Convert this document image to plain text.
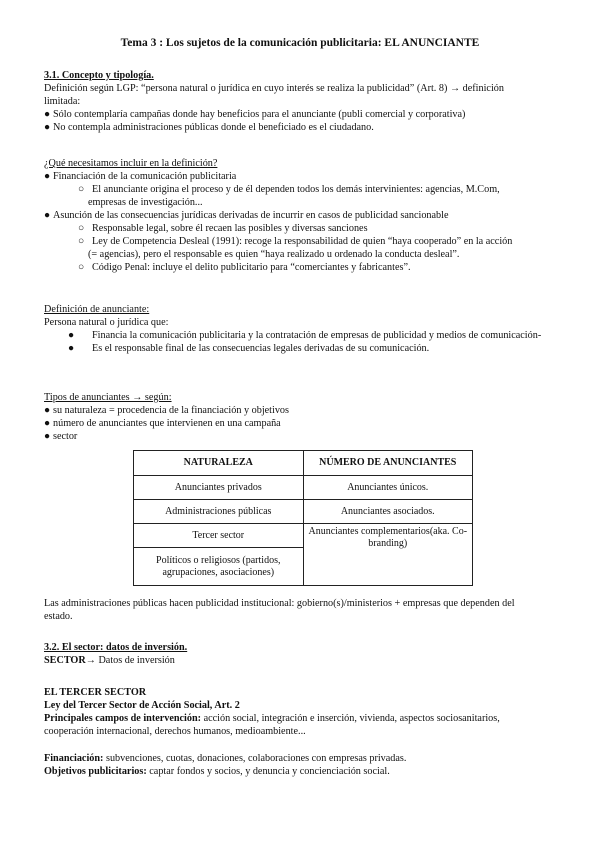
Tema 3 : Los sujetos de la comunicación publicitaria: EL ANUNCIANTE
3.1. Concepto y tipología.
Definición según LGP: “persona natural o jurídica en cuyo interés se realiza la publicidad” (Art. 8) → definición
limitada:
● Sólo contemplaría campañas donde hay beneficios para el anunciante (publi comercial y corporativa)
● No contempla administraciones públicas donde el beneficiado es el ciudadano.
¿Qué necesitamos incluir en la definición?
● Financiación de la comunicación publicitaria
○ El anunciante origina el proceso y de él dependen todos los demás intervinientes: agencias, M.Com,
empresas de investigación...
● Asunción de las consecuencias jurídicas derivadas de incurrir en casos de publicidad sancionable
○ Responsable legal, sobre él recaen las posibles y diversas sanciones
○ Ley de Competencia Desleal (1991): recoge la responsabilidad de quien “haya cooperado” en la acción
(= agencias), pero el responsable es quien “haya realizado u ordenado la conducta desleal”.
○ Código Penal: incluye el delito publicitario para “comerciantes y fabricantes”.
Definición de anunciante:
Persona natural o jurídica que:
● Financia la comunicación publicitaria y la contratación de empresas de publicidad y medios de comunicación-
● Es el responsable final de las consecuencias legales derivadas de su comunicación.
Tipos de anunciantes → según:
● su naturaleza = procedencia de la financiación y objetivos
● número de anunciantes que intervienen en una campaña
● sector
NATURALEZA	NÚMERO DE ANUNCIANTES
Anunciantes privados	Anunciantes únicos.
Administraciones públicas	Anunciantes asociados.
Tercer sector	Anunciantes complementarios(aka. Co-branding)
Políticos o religiosos (partidos, agrupaciones, asociaciones)	
Las administraciones públicas hacen publicidad institucional: gobierno(s)/ministerios + empresas que dependen del
estado.
3.2. El sector: datos de inversión.
SECTOR→ Datos de inversión
EL TERCER SECTOR
Ley del Tercer Sector de Acción Social, Art. 2
Principales campos de intervención: acción social, integración e inserción, vivienda, aspectos sociosanitarios,
cooperación internacional, derechos humanos, medioambiente...
Financiación: subvenciones, cuotas, donaciones, colaboraciones con empresas privadas.
Objetivos publicitarios: captar fondos y socios, y denuncia y concienciación social.
